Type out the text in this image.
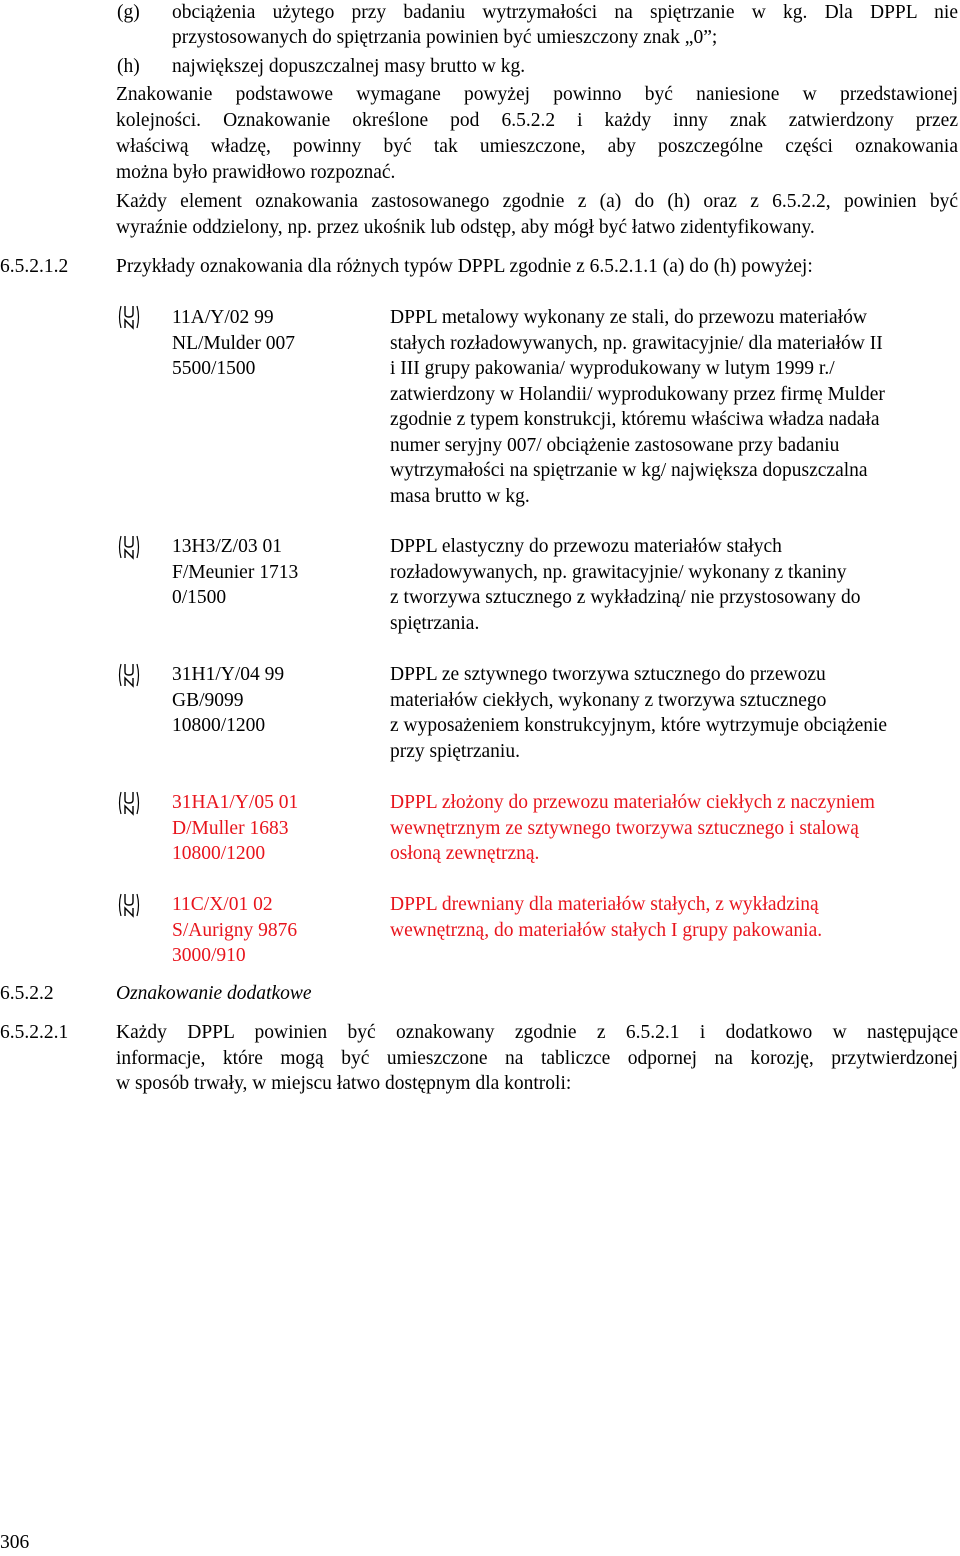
(g) obciążenia użytego przy badaniu wytrzymałości na spiętrzanie w kg. Dla DPPL nie
przystosowanych do spiętrzania powinien być umieszczony znak „0”;
(h) największej dopuszczalnej masy brutto w kg.
Znakowanie podstawowe wymagane powyżej powinno być naniesione w przedstawionej
kolejności. Oznakowanie określone pod 6.5.2.2 i każdy inny znak zatwierdzony przez
właściwą władzę, powinny być tak umieszczone, aby poszczególne części oznakowania
można było prawidłowo rozpoznać.
Każdy element oznakowania zastosowanego zgodnie z (a) do (h) oraz z 6.5.2.2, powinien być
wyraźnie oddzielony, np. przez ukośnik lub odstęp, aby mógł być łatwo zidentyfikowany.
6.5.2.1.2 Przykłady oznakowania dla różnych typów DPPL zgodnie z 6.5.2.1.1 (a) do (h) powyżej:
11A/Y/02 99
NL/Mulder 007
5500/1500
DPPL metalowy wykonany ze stali, do przewozu materiałów
stałych rozładowywanych, np. grawitacyjnie/ dla materiałów II
i III grupy pakowania/ wyprodukowany w lutym 1999 r./
zatwierdzony w Holandii/ wyprodukowany przez firmę Mulder
zgodnie z typem konstrukcji, któremu właściwa władza nadała
numer seryjny 007/ obciążenie zastosowane przy badaniu
wytrzymałości na spiętrzanie w kg/ największa dopuszczalna
masa brutto w kg.
13H3/Z/03 01
F/Meunier 1713
0/1500
DPPL elastyczny do przewozu materiałów stałych
rozładowywanych, np. grawitacyjnie/ wykonany z tkaniny
z tworzywa sztucznego z wykładziną/ nie przystosowany do
spiętrzania.
31H1/Y/04 99
GB/9099
10800/1200
DPPL ze sztywnego tworzywa sztucznego do przewozu
materiałów ciekłych, wykonany z tworzywa sztucznego
z wyposażeniem konstrukcyjnym, które wytrzymuje obciążenie
przy spiętrzaniu.
31HA1/Y/05 01
D/Muller 1683
10800/1200
DPPL złożony do przewozu materiałów ciekłych z naczyniem
wewnętrznym ze sztywnego tworzywa sztucznego i stalową
osłoną zewnętrzną.
11C/X/01 02
S/Aurigny 9876
3000/910
DPPL drewniany dla materiałów stałych, z wykładziną
wewnętrzną, do materiałów stałych I grupy pakowania.
6.5.2.2	Oznakowanie dodatkowe
6.5.2.2.1 Każdy DPPL powinien być oznakowany zgodnie z 6.5.2.1 i dodatkowo w następujące
informacje, które mogą być umieszczone na tabliczce odpornej na korozję, przytwierdzonej
w sposób trwały, w miejscu łatwo dostępnym dla kontroli:
306
